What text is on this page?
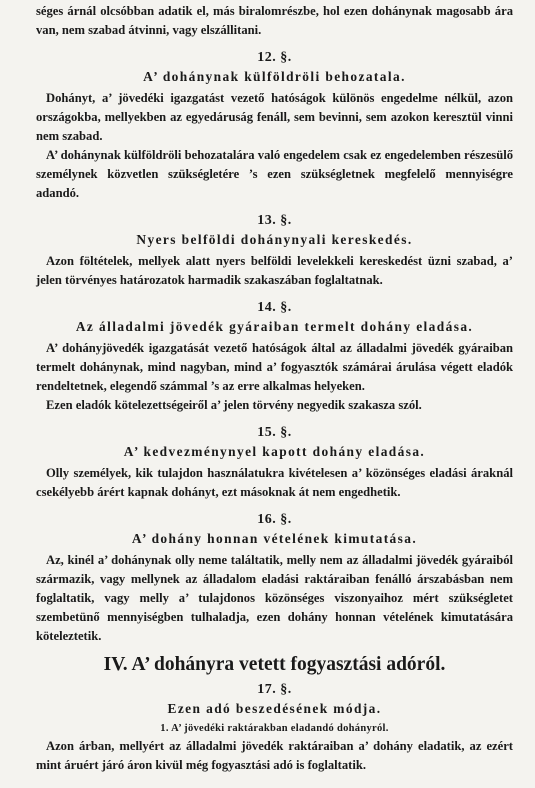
séges árnál olcsóbban adatik el, más biralomrészbe, hol ezen dohánynak magosabb ára van, nem szabad átvinni, vagy elszállitani.

12. §.
A’ dohánynak külföldröli behozatala.

Dohányt, a’ jövedéki igazgatást vezető hatóságok különös engedelme nélkül, azon országokba, mellyekben az egyedáruság fenáll, sem bevinni, sem azokon keresztül vinni nem szabad.

A’ dohánynak külföldröli behozatalára való engedelem csak ez engedelemben részesülő személynek közvetlen szükségletére ’s ezen szükségletnek megfelelő mennyiségre adandó.

13. §.
Nyers belföldi dohánynyali kereskedés.

Azon föltételek, mellyek alatt nyers belföldi levelekkeli kereskedést üzni szabad, a’ jelen törvényes határozatok harmadik szakaszában foglaltatnak.

14. §.
Az álladalmi jövedék gyáraiban termelt dohány eladása.

A’ dohányjövedék igazgatását vezető hatóságok által az álladalmi jövedék gyáraiban termelt dohánynak, mind nagyban, mind a’ fogyasztók számárai árulása végett eladók rendeltetnek, elegendő számmal ’s az erre alkalmas helyeken.

Ezen eladók kötelezettségeiről a’ jelen törvény negyedik szakasza szól.

15. §.
A’ kedvezménynyel kapott dohány eladása.

Olly személyek, kik tulajdon használatukra kivételesen a’ közönséges eladási áraknál csekélyebb árért kapnak dohányt, ezt másoknak át nem engedhetik.

16. §.
A’ dohány honnan vételének kimutatása.

Az, kinél a’ dohánynak olly neme találtatik, melly nem az álladalmi jövedék gyáraiból származik, vagy mellynek az álladalom eladási raktáraiban fenálló árszabásban nem foglaltatik, vagy melly a’ tulajdonos közönséges viszonyaihoz mért szükségletet szembetünő mennyiségben tulhaladja, ezen dohány honnan vételének kimutatására köteleztetik.

IV. A’ dohányra vetett fogyasztási adóról.
17. §.
Ezen adó beszedésének módja.
1. A’ jövedéki raktárakban eladandó dohányról.

Azon árban, mellyért az álladalmi jövedék raktáraiban a’ dohány eladatik, az ezért mint áruért járó áron kivül még fogyasztási adó is foglaltatik.
